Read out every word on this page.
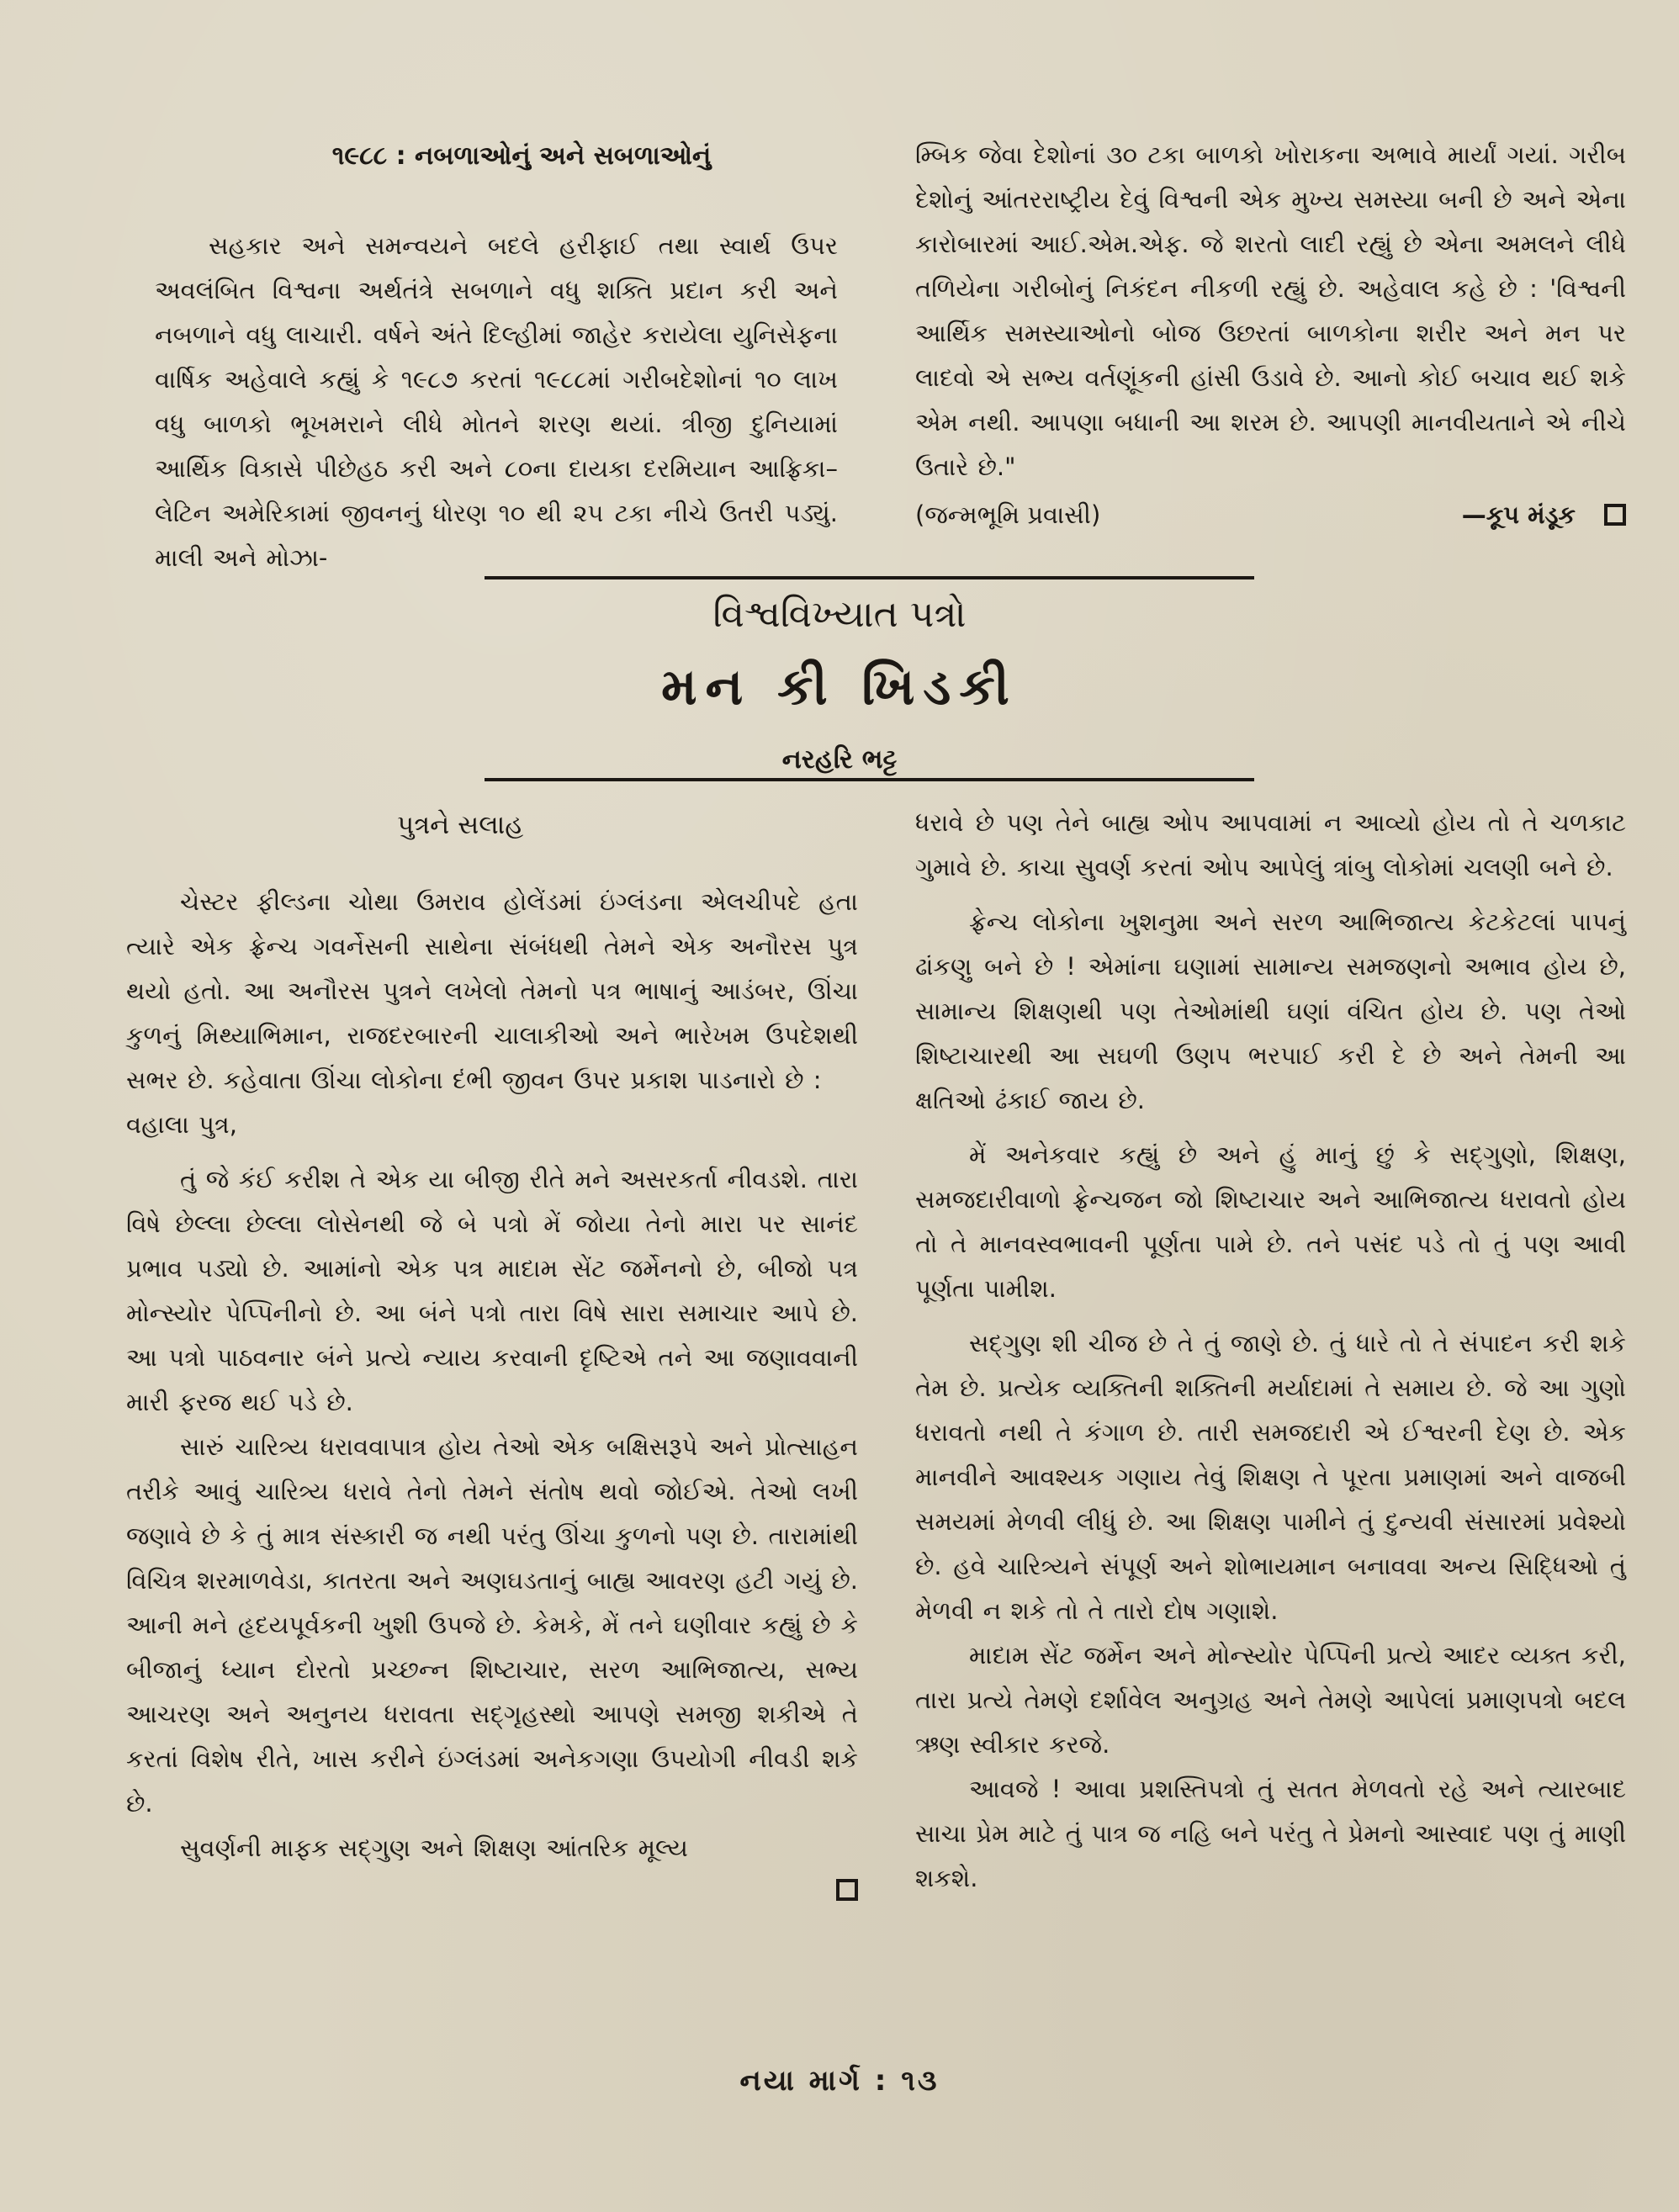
૧૯૮૮ : નબળાઓનું અને સબળાઓનું

સહકાર અને સમન્વયને બદલે હરીફાઈ તથા સ્વાર્થ ઉપર અવલંબિત વિશ્વના અર્થતંત્રે સબળાને વધુ શક્તિ પ્રદાન કરી અને નબળાને વધુ લાચારી. વર્ષને અંતે દિલ્હીમાં જાહેર કરાયેલા યુનિસેફના વાર્ષિક અહેવાલે કહ્યું કે ૧૯૮૭ કરતાં ૧૯૮૮માં ગરીબદેશોનાં ૧૦ લાખ વધુ બાળકો ભૂખમરાને લીધે મોતને શરણ થયાં. ત્રીજી દુનિયામાં આર્થિક વિકાસે પીછેહઠ કરી અને ૮૦ના દાયકા દરમિયાન આફ્રિકા–લેટિન અમેરિકામાં જીવનનું ધોરણ ૧૦ થી ૨૫ ટકા નીચે ઉતરી પડ્યું. માલી અને મોઝા-

મ્બિક જેવા દેશોનાં ૩૦ ટકા બાળકો ખોરાકના અભાવે માર્યાં ગયાં. ગરીબ દેશોનું આંતરરાષ્ટ્રીય દેવું વિશ્વની એક મુખ્ય સમસ્યા બની છે અને એના કારોબારમાં આઈ.એમ.એફ. જે શરતો લાદી રહ્યું છે એના અમલને લીધે તળિયેના ગરીબોનું નિકંદન નીકળી રહ્યું છે. અહેવાલ કહે છે : 'વિશ્વની આર્થિક સમસ્યાઓનો બોજ ઉછરતાં બાળકોના શરીર અને મન પર લાદવો એ સભ્ય વર્તણૂંકની હાંસી ઉડાવે છે. આનો કોઈ બચાવ થઈ શકે એમ નથી. આપણા બધાની આ શરમ છે. આપણી માનવીયતાને એ નીચે ઉતારે છે."

(જન્મભૂમિ પ્રવાસી)	—કૂપ મંડૂક
વિશ્વવિખ્યાત પત્રો
મન કી ખિડકી
નરહરિ ભટ્ટ
પુત્રને સલાહ

ચેસ્ટર ફીલ્ડના ચોથા ઉમરાવ હોલેંડમાં ઇંગ્લંડના એલચીપદે હતા ત્યારે એક ફ્રેન્ચ ગવર્નેસની સાથેના સંબંધથી તેમને એક અનૌરસ પુત્ર થયો હતો. આ અનૌરસ પુત્રને લખેલો તેમનો પત્ર ભાષાનું આડંબર, ઊંચા કુળનું મિથ્યાભિમાન, રાજદરબારની ચાલાકીઓ અને ભારેખમ ઉપદેશથી સભર છે. કહેવાતા ઊંચા લોકોના દંભી જીવન ઉપર પ્રકાશ પાડનારો છે :

વહાલા પુત્ર,

તું જે કંઈ કરીશ તે એક યા બીજી રીતે મને અસરકર્તા નીવડશે. તારા વિષે છેલ્લા છેલ્લા લોસેનથી જે બે પત્રો મેં જોયા તેનો મારા પર સાનંદ પ્રભાવ પડ્યો છે. આમાંનો એક પત્ર માદામ સેંટ જર્મેનનો છે, બીજો પત્ર મોન્સ્યોર પેપ્પિનીનો છે. આ બંને પત્રો તારા વિષે સારા સમાચાર આપે છે. આ પત્રો પાઠવનાર બંને પ્રત્યે ન્યાય કરવાની દૃષ્ટિએ તને આ જણાવવાની મારી ફરજ થઈ પડે છે.

સારું ચારિત્ર્ય ધરાવવાપાત્ર હોય તેઓ એક બક્ષિસરૂપે અને પ્રોત્સાહન તરીકે આવું ચારિત્ર્ય ધરાવે તેનો તેમને સંતોષ થવો જોઈએ. તેઓ લખી જણાવે છે કે તું માત્ર સંસ્કારી જ નથી પરંતુ ઊંચા કુળનો પણ છે. તારામાંથી વિચિત્ર શરમાળવેડા, કાતરતા અને અણઘડતાનું બાહ્ય આવરણ હટી ગયું છે. આની મને હૃદયપૂર્વકની ખુશી ઉપજે છે. કેમકે, મેં તને ઘણીવાર કહ્યું છે કે બીજાનું ધ્યાન દોરતો પ્રચ્છન્ન શિષ્ટાચાર, સરળ આભિજાત્ય, સભ્ય આચરણ અને અનુનય ધરાવતા સદ્‌ગૃહસ્થો આપણે સમજી શકીએ તે કરતાં વિશેષ રીતે, ખાસ કરીને ઇંગ્લંડમાં અનેકગણા ઉપયોગી નીવડી શકે છે.

સુવર્ણની માફક સદ્‌ગુણ અને શિક્ષણ આંતરિક મૂલ્ય

ધરાવે છે પણ તેને બાહ્ય ઓપ આપવામાં ન આવ્યો હોય તો તે ચળકાટ ગુમાવે છે. કાચા સુવર્ણ કરતાં ઓપ આપેલું ત્રાંબુ લોકોમાં ચલણી બને છે.

ફ્રેન્ચ લોકોના ખુશનુમા અને સરળ આભિજાત્ય કેટકેટલાં પાપનું ઢાંકણુ બને છે ! એમાંના ઘણામાં સામાન્ય સમજણનો અભાવ હોય છે, સામાન્ય શિક્ષણથી પણ તેઓમાંથી ઘણાં વંચિત હોય છે. પણ તેઓ શિષ્ટાચારથી આ સઘળી ઉણપ ભરપાઈ કરી દે છે અને તેમની આ ક્ષતિઓ ઢંકાઈ જાય છે.

મેં અનેકવાર કહ્યું છે અને હું માનું છું કે સદ્‌ગુણો, શિક્ષણ, સમજદારીવાળો ફ્રેન્ચજન જો શિષ્ટાચાર અને આભિજાત્ય ધરાવતો હોય તો તે માનવસ્વભાવની પૂર્ણતા પામે છે. તને પસંદ પડે તો તું પણ આવી પૂર્ણતા પામીશ.

સદ્‌ગુણ શી ચીજ છે તે તું જાણે છે. તું ધારે તો તે સંપાદન કરી શકે તેમ છે. પ્રત્યેક વ્યક્તિની શક્તિની મર્યાદામાં તે સમાય છે. જે આ ગુણો ધરાવતો નથી તે કંગાળ છે. તારી સમજદારી એ ઈશ્વરની દેણ છે. એક માનવીને આવશ્યક ગણાય તેવું શિક્ષણ તે પૂરતા પ્રમાણમાં અને વાજબી સમયમાં મેળવી લીધું છે. આ શિક્ષણ પામીને તું દુન્યવી સંસારમાં પ્રવેશ્યો છે. હવે ચારિત્ર્યને સંપૂર્ણ અને શોભાયમાન બનાવવા અન્ય સિદ્ધિઓ તું મેળવી ન શકે તો તે તારો દોષ ગણાશે.

માદામ સેંટ જર્મેન અને મોન્સ્યોર પેપ્પિની પ્રત્યે આદર વ્યક્ત કરી, તારા પ્રત્યે તેમણે દર્શાવેલ અનુગ્રહ અને તેમણે આપેલાં પ્રમાણપત્રો બદલ ઋણ સ્વીકાર કરજે.

આવજે ! આવા પ્રશસ્તિપત્રો તું સતત મેળવતો રહે અને ત્યારબાદ સાચા પ્રેમ માટે તું પાત્ર જ નહિ બને પરંતુ તે પ્રેમનો આસ્વાદ પણ તું માણી શકશે.

નયા માર્ગ : ૧૩
